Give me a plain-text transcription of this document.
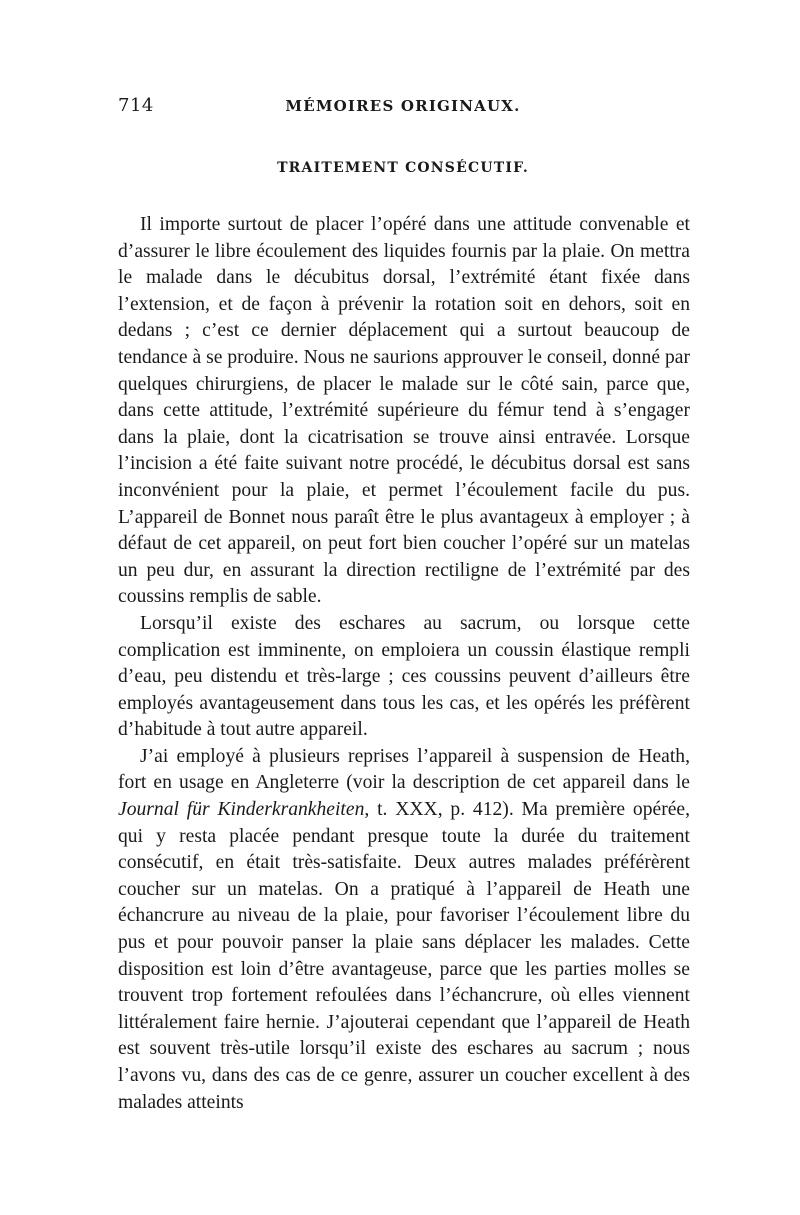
714	MÉMOIRES ORIGINAUX.
TRAITEMENT CONSÉCUTIF.

Il importe surtout de placer l’opéré dans une attitude convenable et d’assurer le libre écoulement des liquides fournis par la plaie. On mettra le malade dans le décubitus dorsal, l’extrémité étant fixée dans l’extension, et de façon à prévenir la rotation soit en dehors, soit en dedans ; c’est ce dernier déplacement qui a surtout beaucoup de tendance à se produire. Nous ne saurions approuver le conseil, donné par quelques chirurgiens, de placer le malade sur le côté sain, parce que, dans cette attitude, l’extrémité supérieure du fémur tend à s’engager dans la plaie, dont la cicatrisation se trouve ainsi entravée. Lorsque l’incision a été faite suivant notre procédé, le décubitus dorsal est sans inconvénient pour la plaie, et permet l’écoulement facile du pus. L’appareil de Bonnet nous paraît être le plus avantageux à employer ; à défaut de cet appareil, on peut fort bien coucher l’opéré sur un matelas un peu dur, en assurant la direction rectiligne de l’extrémité par des coussins remplis de sable.

Lorsqu’il existe des eschares au sacrum, ou lorsque cette complication est imminente, on emploiera un coussin élastique rempli d’eau, peu distendu et très-large ; ces coussins peuvent d’ailleurs être employés avantageusement dans tous les cas, et les opérés les préfèrent d’habitude à tout autre appareil.

J’ai employé à plusieurs reprises l’appareil à suspension de Heath, fort en usage en Angleterre (voir la description de cet appareil dans le Journal für Kinderkrankheiten, t. XXX, p. 412). Ma première opérée, qui y resta placée pendant presque toute la durée du traitement consécutif, en était très-satisfaite. Deux autres malades préférèrent coucher sur un matelas. On a pratiqué à l’appareil de Heath une échancrure au niveau de la plaie, pour favoriser l’écoulement libre du pus et pour pouvoir panser la plaie sans déplacer les malades. Cette disposition est loin d’être avantageuse, parce que les parties molles se trouvent trop fortement refoulées dans l’échancrure, où elles viennent littéralement faire hernie. J’ajouterai cependant que l’appareil de Heath est souvent très-utile lorsqu’il existe des eschares au sacrum ; nous l’avons vu, dans des cas de ce genre, assurer un coucher excellent à des malades atteints
